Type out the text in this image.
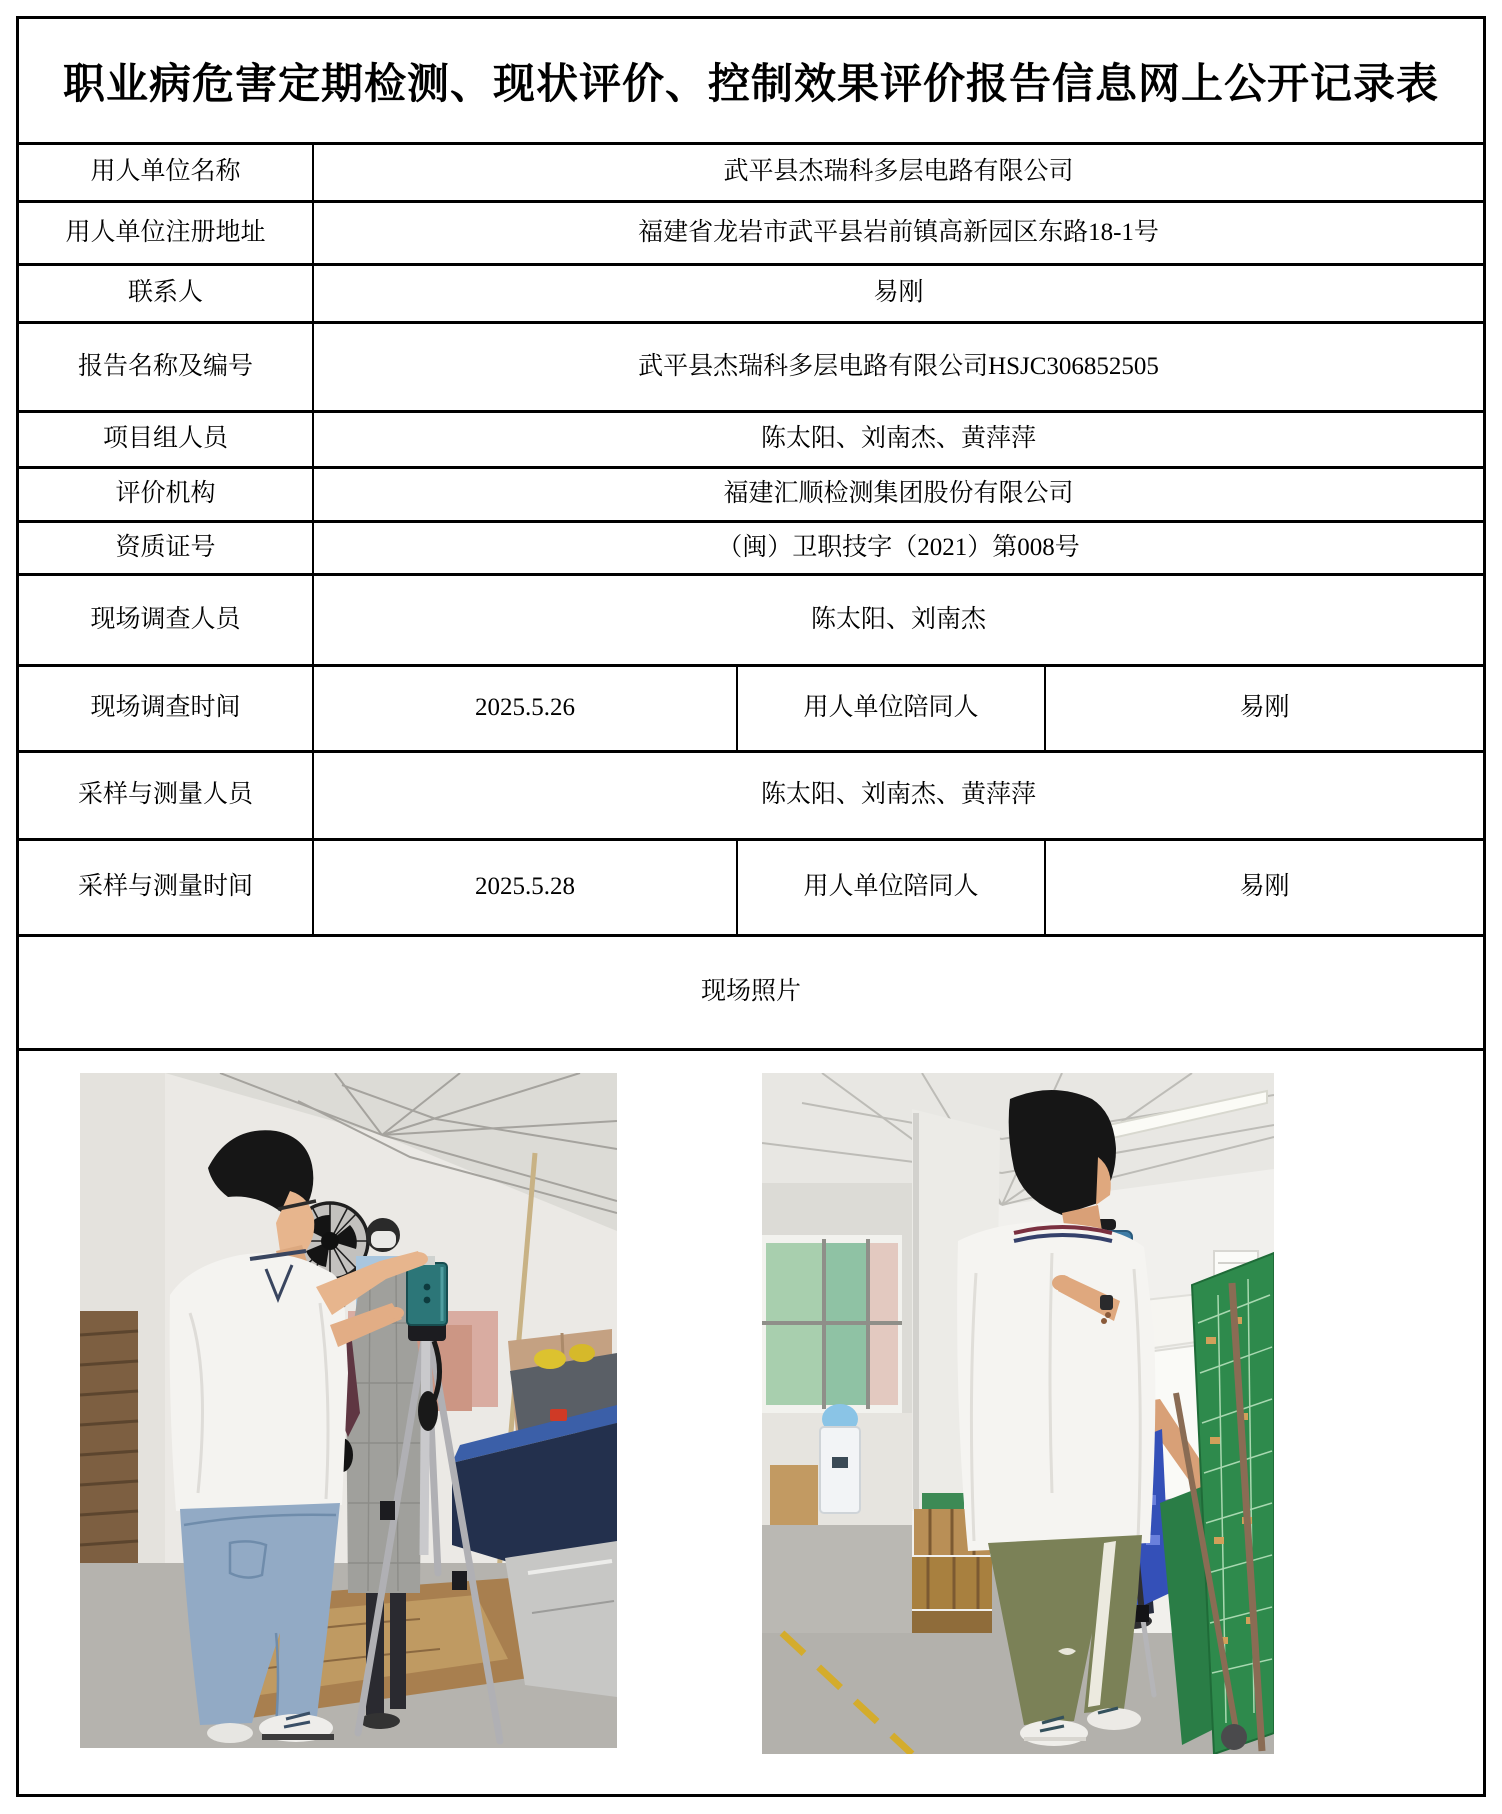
职业病危害定期检测、现状评价、控制效果评价报告信息网上公开记录表
用人单位名称	武平县杰瑞科多层电路有限公司
用人单位注册地址	福建省龙岩市武平县岩前镇高新园区东路18-1号
联系人	易刚
报告名称及编号	武平县杰瑞科多层电路有限公司HSJC306852505
项目组人员	陈太阳、刘南杰、黄萍萍
评价机构	福建汇顺检测集团股份有限公司
资质证号	（闽）卫职技字（2021）第008号
现场调查人员	陈太阳、刘南杰
现场调查时间	2025.5.26	用人单位陪同人	易刚
采样与测量人员	陈太阳、刘南杰、黄萍萍
采样与测量时间	2025.5.28	用人单位陪同人	易刚
现场照片
